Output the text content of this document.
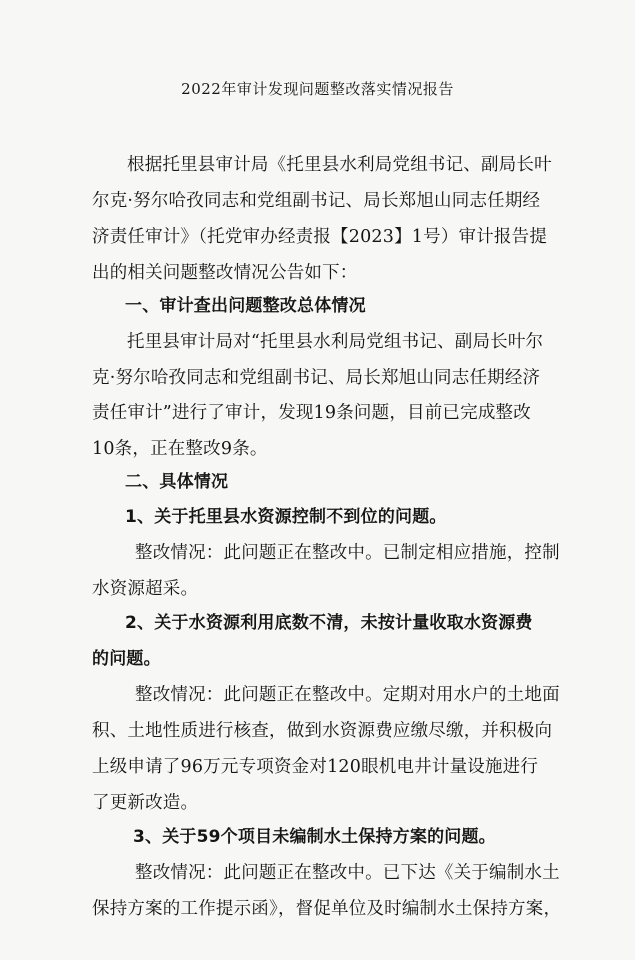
2022年审计发现问题整改落实情况报告
根据托里县审计局《托里县水利局党组书记、副局长叶
尔克·努尔哈孜同志和党组副书记、局长郑旭山同志任期经
济责任审计》（托党审办经责报【2023】1号）审计报告提
出的相关问题整改情况公告如下：
一、审计查出问题整改总体情况
托里县审计局对“托里县水利局党组书记、副局长叶尔
克·努尔哈孜同志和党组副书记、局长郑旭山同志任期经济
责任审计”进行了审计，发现19条问题，目前已完成整改
10条，正在整改9条。
二、具体情况
1、关于托里县水资源控制不到位的问题。
整改情况：此问题正在整改中。已制定相应措施，控制
水资源超采。
2、关于水资源利用底数不清，未按计量收取水资源费
的问题。
整改情况：此问题正在整改中。定期对用水户的土地面
积、土地性质进行核查，做到水资源费应缴尽缴，并积极向
上级申请了96万元专项资金对120眼机电井计量设施进行
了更新改造。
3、关于59个项目未编制水土保持方案的问题。
整改情况：此问题正在整改中。已下达《关于编制水土
保持方案的工作提示函》，督促单位及时编制水土保持方案，
